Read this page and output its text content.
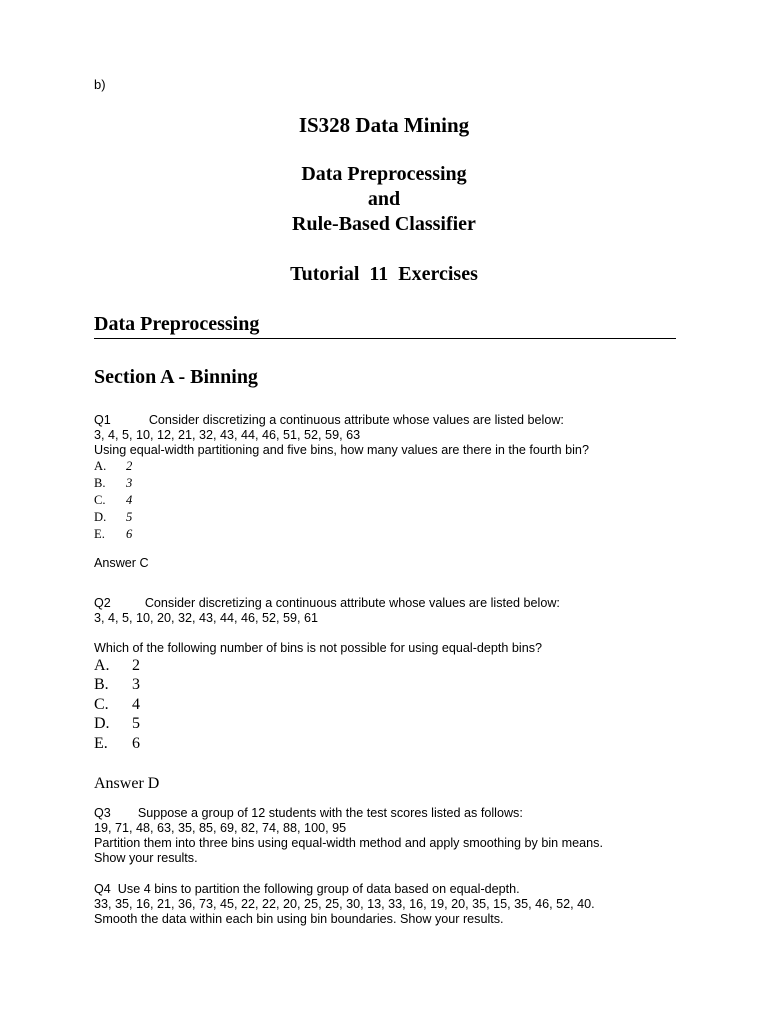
b)
IS328 Data Mining
Data Preprocessing
and
Rule-Based Classifier
Tutorial  11  Exercises
Data Preprocessing
Section A - Binning
Q1	Consider discretizing a continuous attribute whose values are listed below:
3, 4, 5, 10, 12, 21, 32, 43, 44, 46, 51, 52, 59, 63
Using equal-width partitioning and five bins, how many values are there in the fourth bin?
A. 2
B. 3
C. 4
D. 5
E. 6
Answer C
Q2	Consider discretizing a continuous attribute whose values are listed below:
3, 4, 5, 10, 20, 32, 43, 44, 46, 52, 59, 61
Which of the following number of bins is not possible for using equal-depth bins?
A. 2
B. 3
C. 4
D. 5
E. 6
Answer D
Q3 Suppose a group of 12 students with the test scores listed as follows:
19, 71, 48, 63, 35, 85, 69, 82, 74, 88, 100, 95
Partition them into three bins using equal-width method and apply smoothing by bin means.
Show your results.
Q4  Use 4 bins to partition the following group of data based on equal-depth.
33, 35, 16, 21, 36, 73, 45, 22, 22, 20, 25, 25, 30, 13, 33, 16, 19, 20, 35, 15, 35, 46, 52, 40.
Smooth the data within each bin using bin boundaries. Show your results.
